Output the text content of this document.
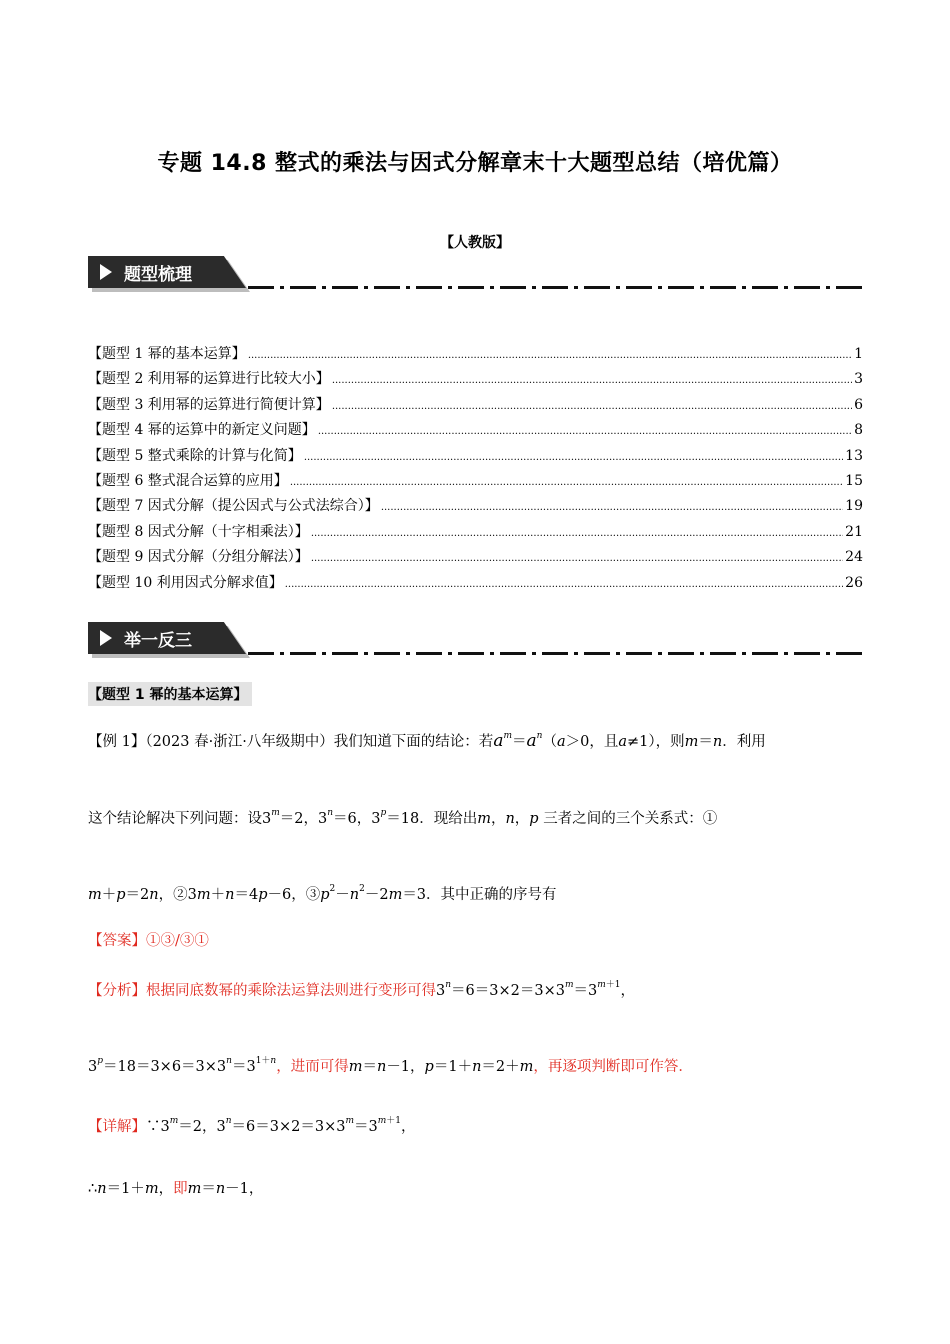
专题 14.8 整式的乘法与因式分解章末十大题型总结（培优篇）
【人教版】
题型梳理
【题型 1 幂的基本运算】 .....	1
【题型 2 利用幂的运算进行比较大小】 .....	3
【题型 3 利用幂的运算进行简便计算】 .....	6
【题型 4 幂的运算中的新定义问题】 .....	8
【题型 5 整式乘除的计算与化简】 .....	13
【题型 6 整式混合运算的应用】 .....	15
【题型 7 因式分解（提公因式与公式法综合）】 .....	19
【题型 8 因式分解（十字相乘法）】 .....	21
【题型 9 因式分解（分组分解法）】 .....	24
【题型 10 利用因式分解求值】 .....	26
举一反三
【题型 1 幂的基本运算】
【例 1】（2023 春·浙江·八年级期中）我们知道下面的结论：若$a^m=a^n(a>0$，且a≠1），则m＝n．利用
这个结论解决下列问题：设$3^m=2$，$3^n=6$，$3^p=18$．现给出m，n，p 三者之间的三个关系式：①
m＋p＝2n，②3m＋n＝4p－6，$③p^2-n^2-2m=3$．其中正确的序号有
【答案】①③/③①
【分析】根据同底数幂的乘除法运算法则进行变形可得$3^n=6=3\times 2=3\times 3^m=3^{m+1}$，
$3^p=18=3\times 6=3\times 3^n=3^{1+n}$，进而可得m＝n－1，p＝1＋n＝2＋m，再逐项判断即可作答．
【详解】$\because 3^m=2$，$3^n=6=3\times 2=3\times 3^m=3^{m+1}$，
∴n＝1＋m，即m＝n－1，
